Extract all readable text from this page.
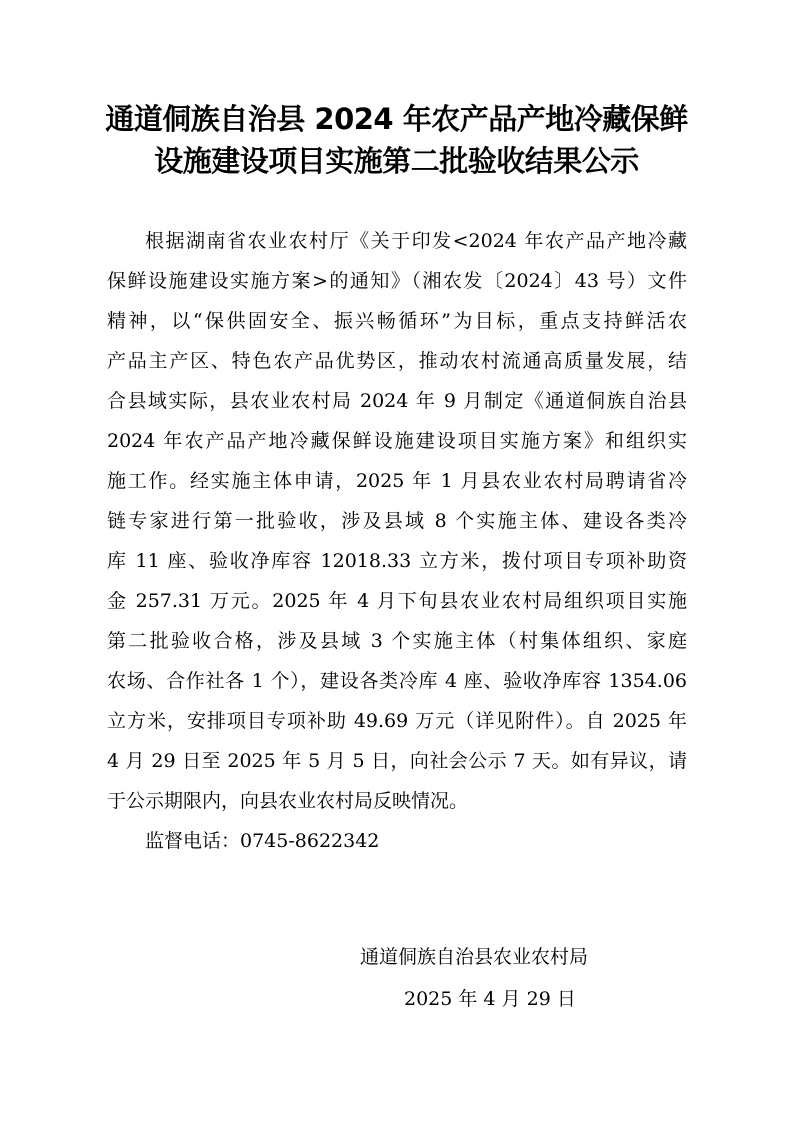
通道侗族自治县 2024 年农产品产地冷藏保鲜
设施建设项目实施第二批验收结果公示
根据湖南省农业农村厅《关于印发<2024 年农产品产地冷藏
保鲜设施建设实施方案>的通知》（湘农发〔2024〕43 号）文件
精神，以“保供固安全、振兴畅循环”为目标，重点支持鲜活农
产品主产区、特色农产品优势区，推动农村流通高质量发展，结
合县域实际，县农业农村局 2024 年 9 月制定《通道侗族自治县
2024 年农产品产地冷藏保鲜设施建设项目实施方案》和组织实
施工作。经实施主体申请，2025 年 1 月县农业农村局聘请省冷
链专家进行第一批验收，涉及县域 8 个实施主体、建设各类冷
库 11 座、验收净库容 12018.33 立方米，拨付项目专项补助资
金 257.31 万元。2025 年 4 月下旬县农业农村局组织项目实施
第二批验收合格，涉及县域 3 个实施主体（村集体组织、家庭
农场、合作社各 1 个），建设各类冷库 4 座、验收净库容 1354.06
立方米，安排项目专项补助 49.69 万元（详见附件）。自 2025 年
4 月 29 日至 2025 年 5 月 5 日，向社会公示 7 天。如有异议，请
于公示期限内，向县农业农村局反映情况。
监督电话：0745-8622342
通道侗族自治县农业农村局
2025 年 4 月 29 日
